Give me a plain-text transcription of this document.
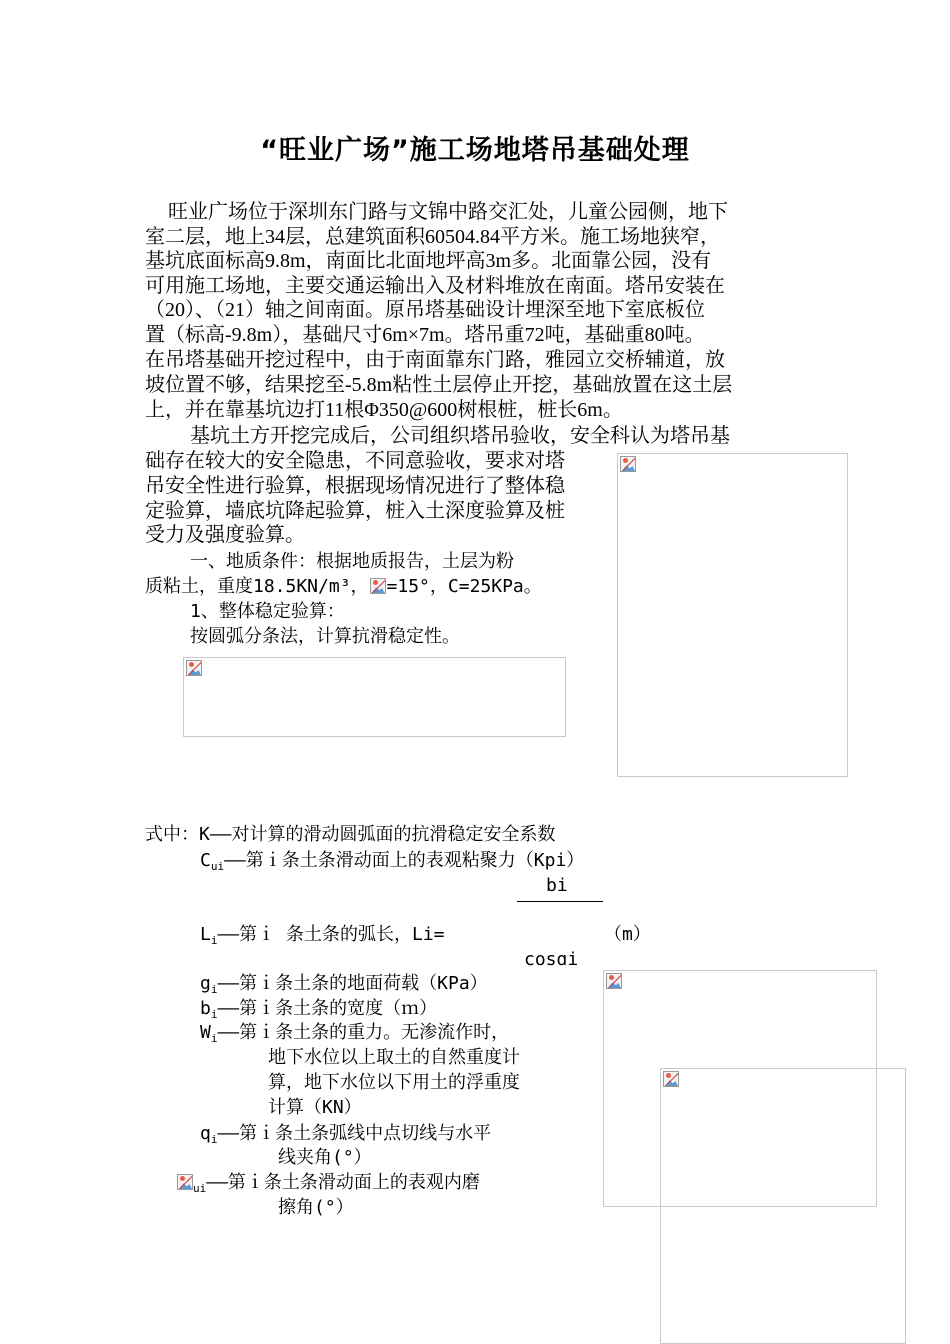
“旺业广场”施工场地塔吊基础处理
旺业广场位于深圳东门路与文锦中路交汇处，儿童公园侧，地下
室二层，地上34层，总建筑面积60504.84平方米。施工场地狭窄，
基坑底面标高9.8m，南面比北面地坪高3m多。北面靠公园，没有
可用施工场地，主要交通运输出入及材料堆放在南面。塔吊安装在
（20）、（21）轴之间南面。原吊塔基础设计埋深至地下室底板位
置（标高-9.8m），基础尺寸6m×7m。塔吊重72吨，基础重80吨。
在吊塔基础开挖过程中，由于南面靠东门路，雅园立交桥辅道，放
坡位置不够，结果挖至-5.8m粘性土层停止开挖，基础放置在这土层
上，并在靠基坑边打11根Φ350@600树根桩，桩长6m。
基坑土方开挖完成后，公司组织塔吊验收，安全科认为塔吊基
础存在较大的安全隐患，不同意验收，要求对塔
吊安全性进行验算，根据现场情况进行了整体稳
定验算，墙底坑降起验算，桩入土深度验算及桩
受力及强度验算。
一、地质条件：根据地质报告，土层为粉
质粘土，重度18.5KN/m³， =15°，C=25KPa。
1、整体稳定验算：
按圆弧分条法，计算抗滑稳定性。
式中：K——对计算的滑动圆弧面的抗滑稳定安全系数
$C_{ui}——$第ｉ条土条滑动面上的表观粘聚力（Kpi）
bi
$L_i——$第ｉ 条土条的弧长，Li=	（m）
cosɑi
$g_i——$第ｉ条土条的地面荷载（KPa）
$b_i——$第ｉ条土条的宽度（ｍ）
$W_i——$第ｉ条土条的重力。无渗流作时，
地下水位以上取土的自然重度计
算，地下水位以下用土的浮重度
计算（KN）
$q_i——$第ｉ条土条弧线中点切线与水平
线夹角(°）
$_{ui}$——第ｉ条土条滑动面上的表观内磨
擦角(°）
